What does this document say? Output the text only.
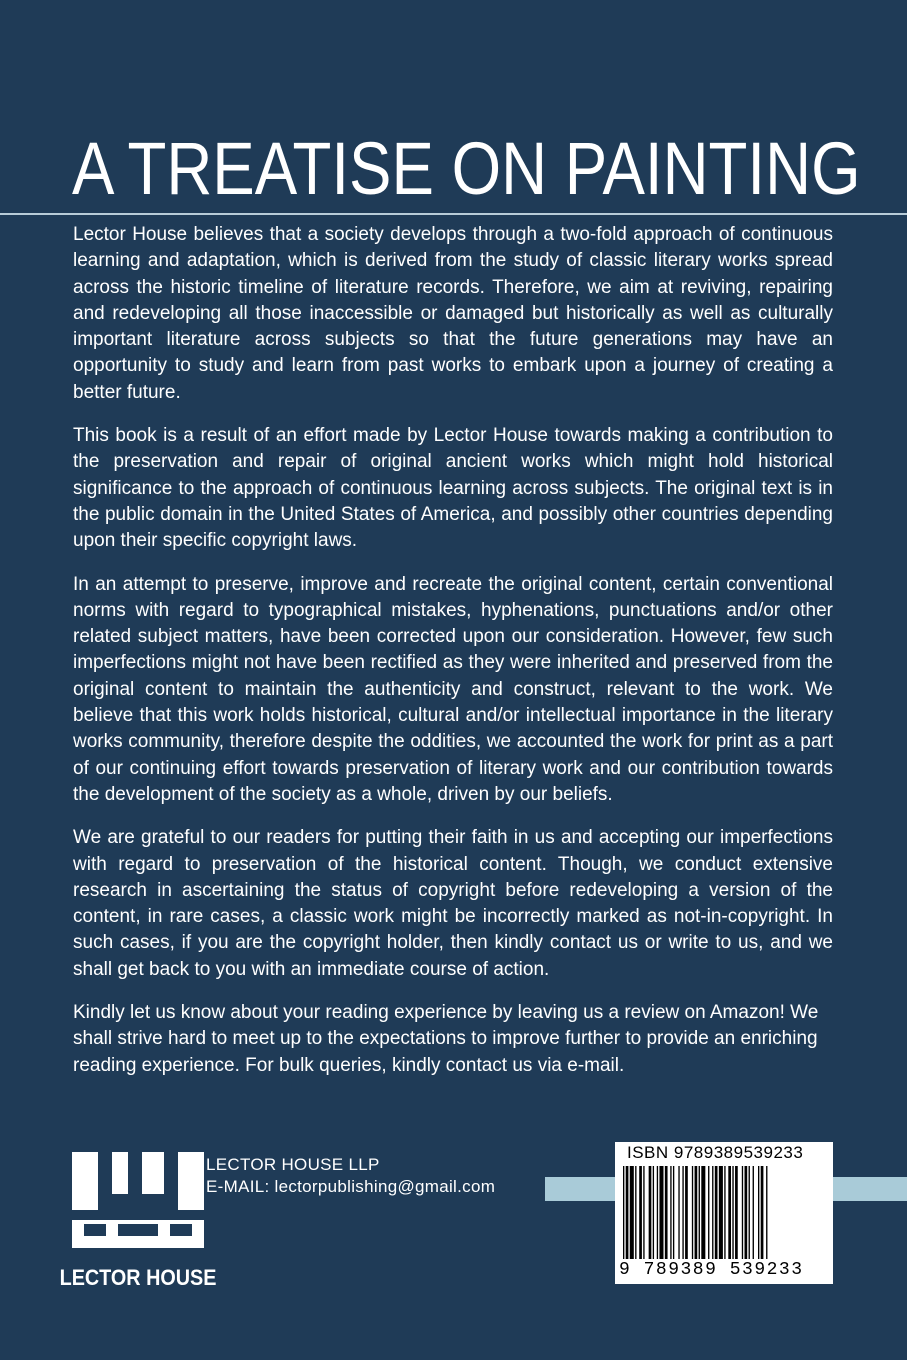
A TREATISE ON PAINTING

Lector House believes that a society develops through a two-fold approach of continuous learning and adaptation, which is derived from the study of classic literary works spread across the historic timeline of literature records. Therefore, we aim at reviving, repairing and redeveloping all those inaccessible or damaged but historically as well as culturally important literature across subjects so that the future generations may have an opportunity to study and learn from past works to embark upon a journey of creating a better future.

This book is a result of an effort made by Lector House towards making a contribution to the preservation and repair of original ancient works which might hold historical significance to the approach of continuous learning across subjects. The original text is in the public domain in the United States of America, and possibly other countries depending upon their specific copyright laws.

In an attempt to preserve, improve and recreate the original content, certain conventional norms with regard to typographical mistakes, hyphenations, punctuations and/or other related subject matters, have been corrected upon our consideration. However, few such imperfections might not have been rectified as they were inherited and preserved from the original content to maintain the authenticity and construct, relevant to the work. We believe that this work holds historical, cultural and/or intellectual importance in the literary works community, therefore despite the oddities, we accounted the work for print as a part of our continuing effort towards preservation of literary work and our contribution towards the development of the society as a whole, driven by our beliefs.

We are grateful to our readers for putting their faith in us and accepting our imperfections with regard to preservation of the historical content. Though, we conduct extensive research in ascertaining the status of copyright before redeveloping a version of the content, in rare cases, a classic work might be incorrectly marked as not-in-copyright. In such cases, if you are the copyright holder, then kindly contact us or write to us, and we shall get back to you with an immediate course of action.

Kindly let us know about your reading experience by leaving us a review on Amazon! We shall strive hard to meet up to the expectations to improve further to provide an enriching reading experience. For bulk queries, kindly contact us via e-mail.

LECTOR HOUSE
LECTOR HOUSE LLP
E-MAIL: lectorpublishing@gmail.com
ISBN 9789389539233
9 789389 539233
